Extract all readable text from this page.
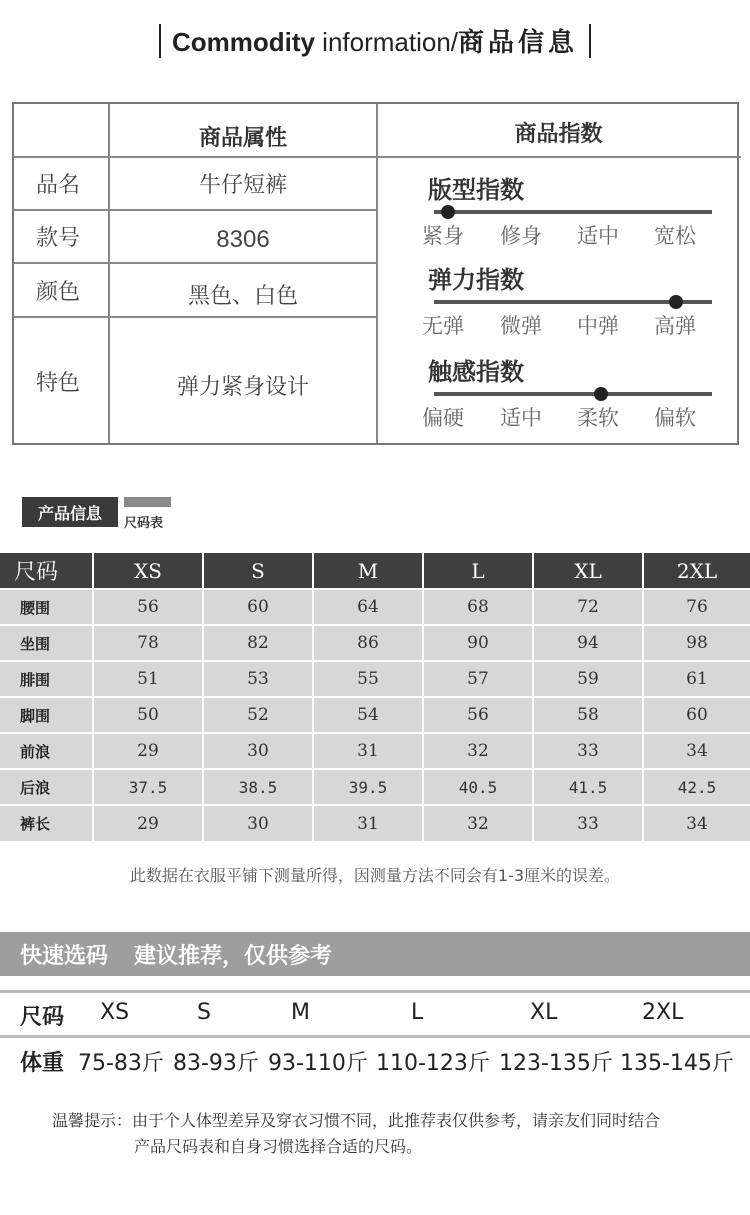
Commodity information/商品信息
商品属性	商品指数
品名	牛仔短裤
款号	8306
颜色	黑色、白色
特色	弹力紧身设计
版型指数
紧身	修身	适中	宽松
弹力指数
无弹	微弹	中弹	高弹
触感指数
偏硬	适中	柔软	偏软
产品信息
尺码表
尺码	XS	S	M	L	XL	2XL
腰围	56	60	64	68	72	76
坐围	78	82	86	90	94	98
腓围	51	53	55	57	59	61
脚围	50	52	54	56	58	60
前浪	29	30	31	32	33	34
后浪	37.5	38.5	39.5	40.5	41.5	42.5
裤长	29	30	31	32	33	34
此数据在衣服平铺下测量所得，因测量方法不同会有1-3厘米的误差。
快速选码 建议推荐，仅供参考
尺码 XS	S	M	L	XL	2XL
体重 75-83斤 83-93斤 93-110斤 110-123斤 123-135斤 135-145斤
温馨提示：由于个人体型差异及穿衣习惯不同，此推荐表仅供参考，请亲友们同时结合
产品尺码表和自身习惯选择合适的尺码。
